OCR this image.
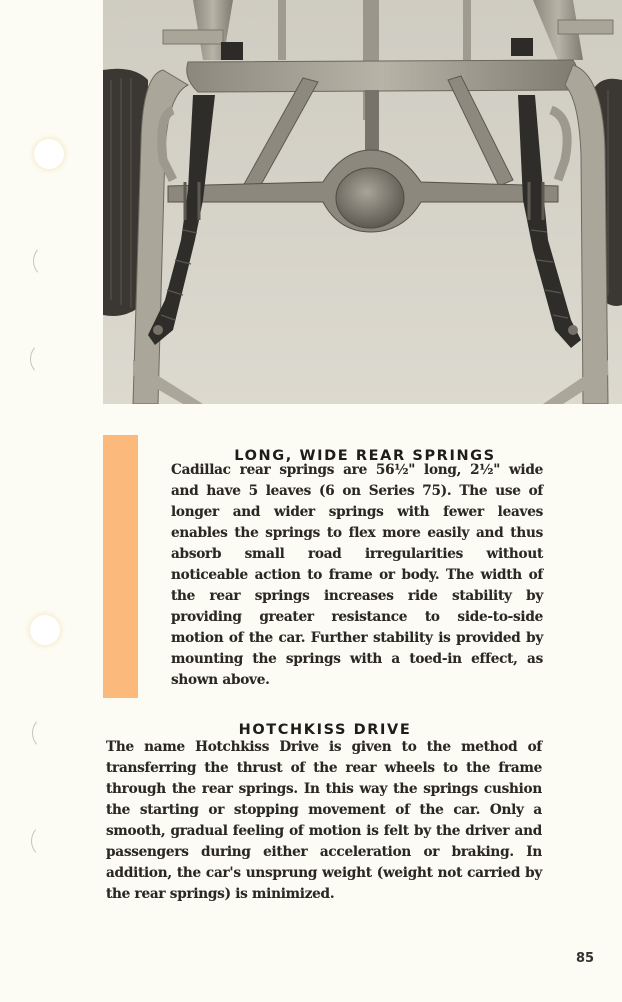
LONG, WIDE REAR SPRINGS

Cadillac rear springs are 56½" long, 2½" wide and have 5 leaves (6 on Series 75). The use of longer and wider springs with fewer leaves enables the springs to flex more easily and thus absorb small road irregularities without noticeable action to frame or body. The width of the rear springs increases ride stability by providing greater resistance to side-to-side motion of the car. Further stability is provided by mounting the springs with a toed-in effect, as shown above.

HOTCHKISS DRIVE

The name Hotchkiss Drive is given to the method of transferring the thrust of the rear wheels to the frame through the rear springs. In this way the springs cushion the starting or stopping movement of the car. Only a smooth, gradual feeling of motion is felt by the driver and passengers during either acceleration or braking. In addition, the car's unsprung weight (weight not carried by the rear springs) is minimized.

85
